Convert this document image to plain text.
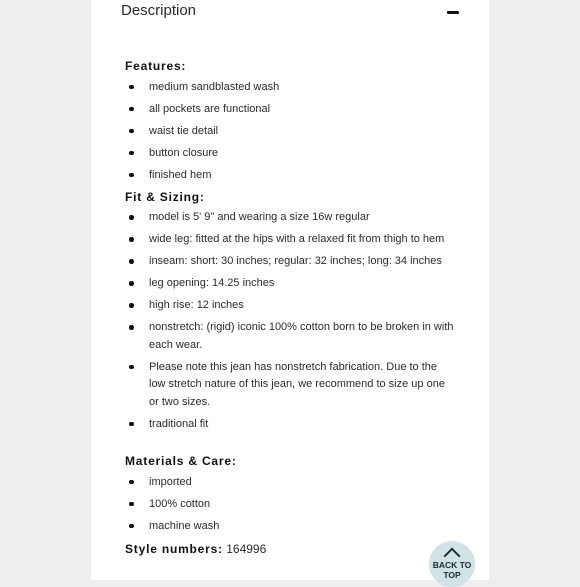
Description
Features:
medium sandblasted wash
all pockets are functional
waist tie detail
button closure
finished hem
Fit & Sizing:
model is 5' 9" and wearing a size 16w regular
wide leg: fitted at the hips with a relaxed fit from thigh to hem
inseam: short: 30 inches; regular: 32 inches; long: 34 inches
leg opening: 14.25 inches
high rise: 12 inches
nonstretch: (rigid) iconic 100% cotton born to be broken in with each wear.
Please note this jean has nonstretch fabrication. Due to the low stretch nature of this jean, we recommend to size up one or two sizes.
traditional fit
Materials & Care:
imported
100% cotton
machine wash
Style numbers: 164996
BACK TO
TOP
